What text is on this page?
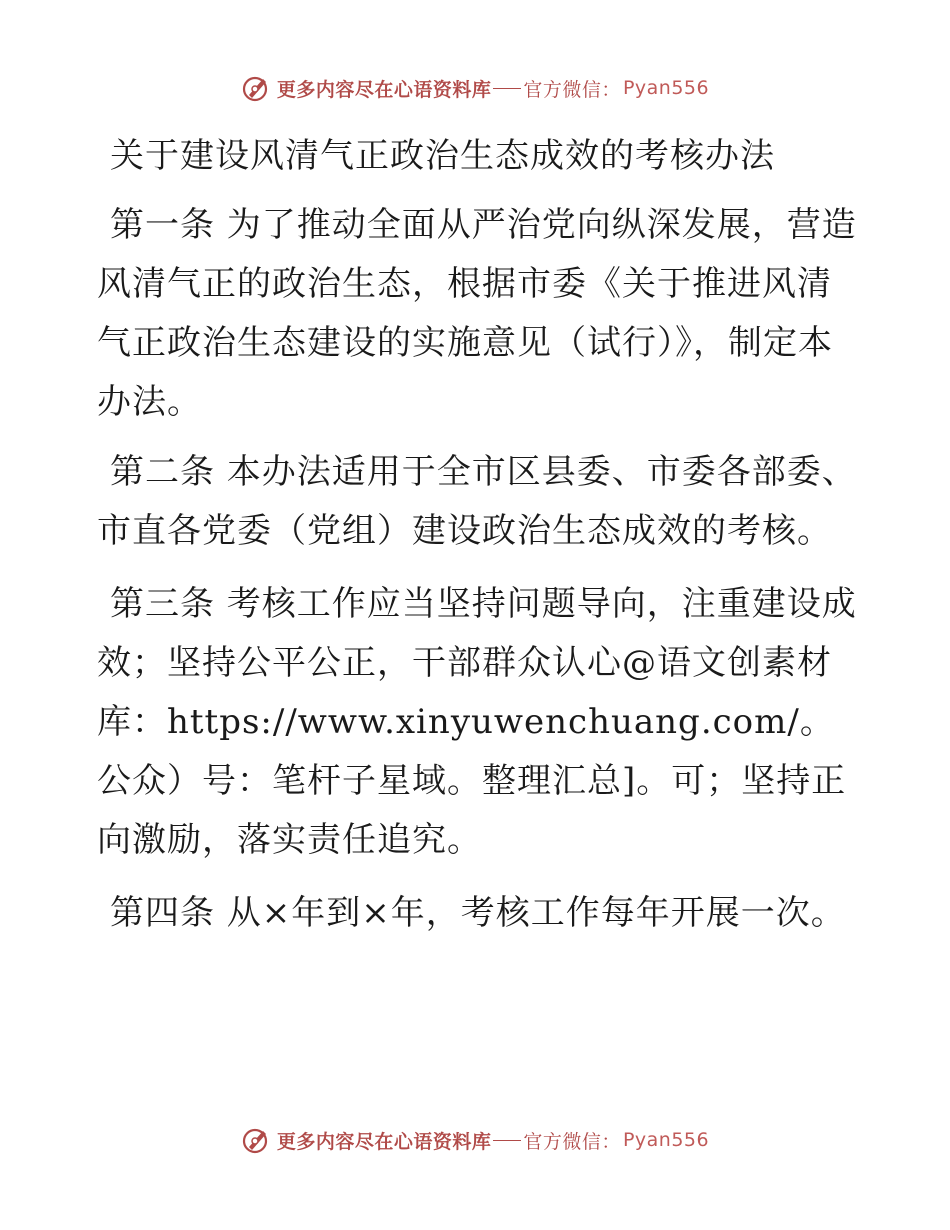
更多内容尽在心语资料库 官方微信： Pyan556
关于建设风清气正政治生态成效的考核办法

第一条 为了推动全面从严治党向纵深发展，营造风清气正的政治生态，根据市委《关于推进风清气正政治生态建设的实施意见（试行）》，制定本办法。

第二条 本办法适用于全市区县委、市委各部委、市直各党委（党组）建设政治生态成效的考核。

第三条 考核工作应当坚持问题导向，注重建设成效；坚持公平公正，干部群众认心@语文创素材库：https://www.xinyuwenchuang.com/。公众）号：笔杆子星域。整理汇总]。可；坚持正向激励，落实责任追究。

第四条 从×年到×年，考核工作每年开展一次。

更多内容尽在心语资料库 官方微信： Pyan556
